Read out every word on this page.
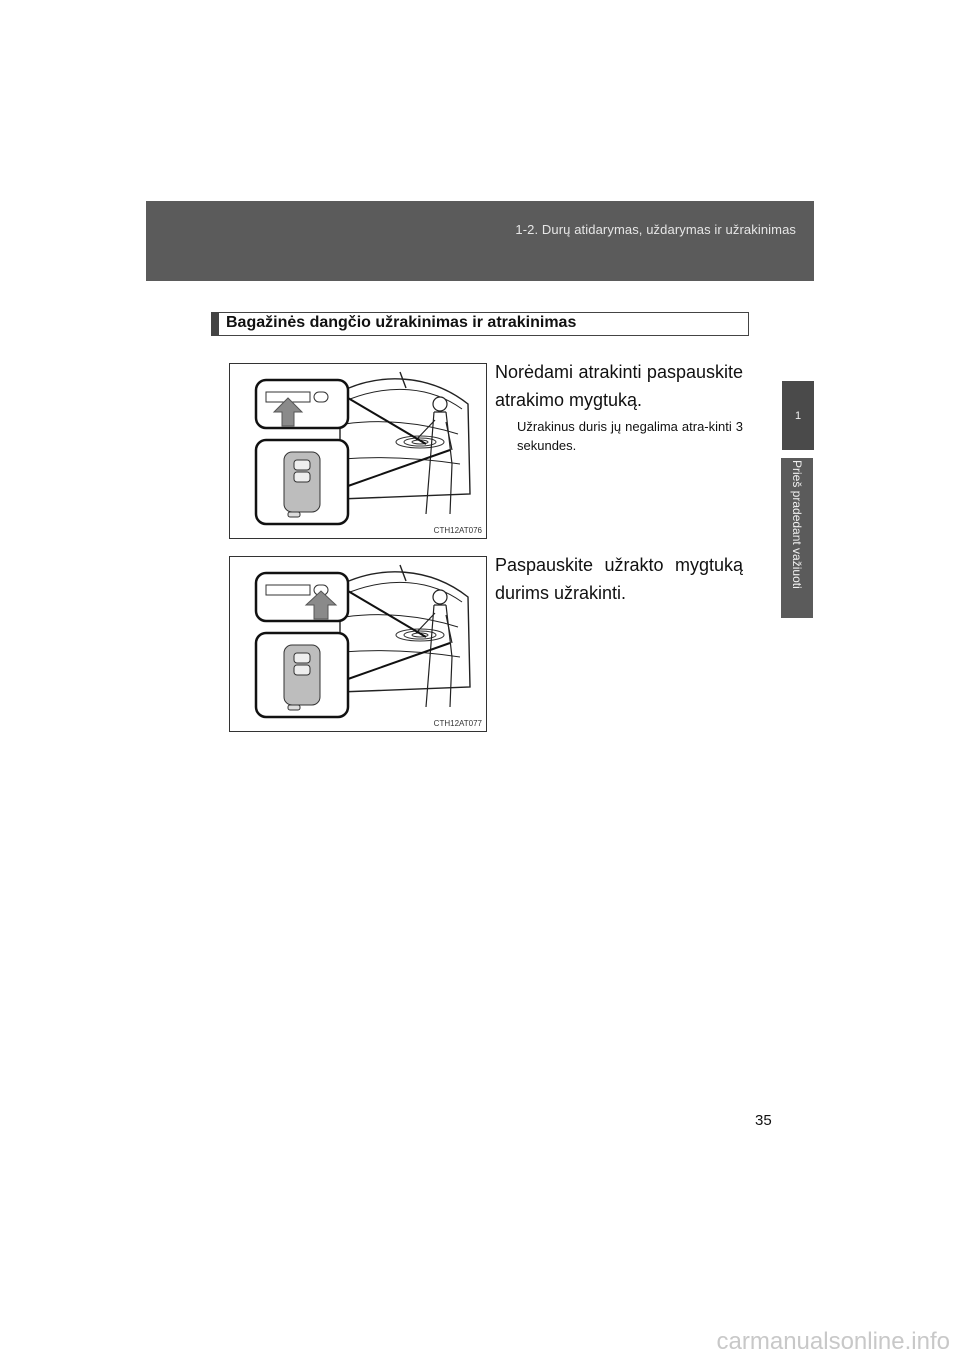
1-2. Durų atidarymas, uždarymas ir užrakinimas
1
Prieš pradedant važiuoti
Bagažinės dangčio užrakinimas ir atrakinimas
CTH12AT076
Norėdami atrakinti paspauskite atrakimo mygtuką.
Užrakinus duris jų negalima atra-kinti 3 sekundes.
CTH12AT077
Paspauskite užrakto mygtuką durims užrakinti.
35
carmanualsonline.info
